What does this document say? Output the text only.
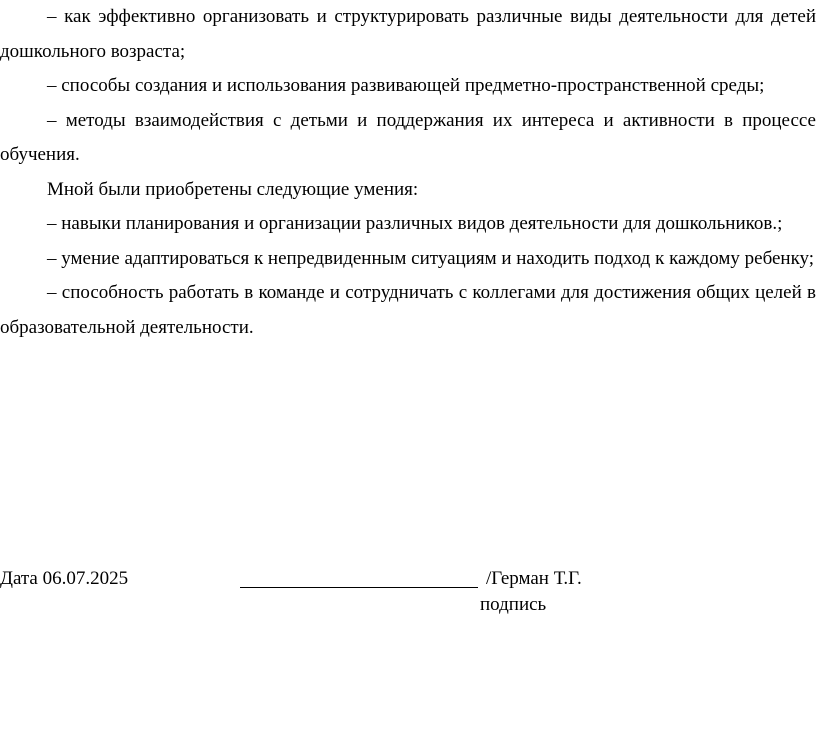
– как эффективно организовать и структурировать различные виды деятельности для детей дошкольного возраста;

– способы создания и использования развивающей предметно-пространственной среды;

– методы взаимодействия с детьми и поддержания их интереса и активности в процессе обучения.

Мной были приобретены следующие умения:

– навыки планирования и организации различных видов деятельности для дошкольников.;

– умение адаптироваться к непредвиденным ситуациям и находить подход к каждому ребенку;

– способность работать в команде и сотрудничать с коллегами для достижения общих целей в образовательной деятельности.

Дата 06.07.2025	/Герман Т.Г.
подпись
